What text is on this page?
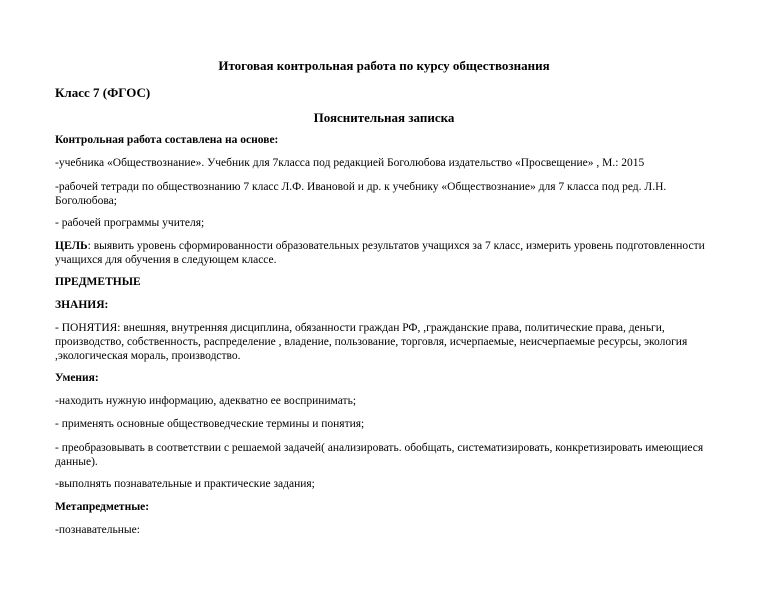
Итоговая контрольная работа по курсу обществознания
Класс 7 (ФГОС)
Пояснительная записка
Контрольная работа составлена на основе:
-учебника «Обществознание». Учебник для 7класса под редакцией Боголюбова издательство «Просвещение» , М.: 2015
-рабочей тетради по обществознанию 7 класс Л.Ф. Ивановой и др. к учебнику «Обществознание» для 7 класса под ред. Л.Н. Боголюбова;
- рабочей программы учителя;
ЦЕЛЬ: выявить уровень сформированности образовательных результатов учащихся за 7 класс, измерить уровень подготовленности учащихся для обучения в следующем классе.
ПРЕДМЕТНЫЕ
ЗНАНИЯ:
- ПОНЯТИЯ: внешняя, внутренняя дисциплина, обязанности граждан РФ, ,гражданские права, политические права, деньги, производство, собственность, распределение , владение, пользование, торговля, исчерпаемые, неисчерпаемые ресурсы, экология ,экологическая мораль, производство.
Умения:
-находить нужную информацию, адекватно ее воспринимать;
- применять основные обществоведческие термины и понятия;
- преобразовывать в соответствии с решаемой задачей( анализировать. обобщать, систематизировать, конкретизировать имеющиеся данные).
-выполнять познавательные и практические задания;
Метапредметные:
-познавательные:
